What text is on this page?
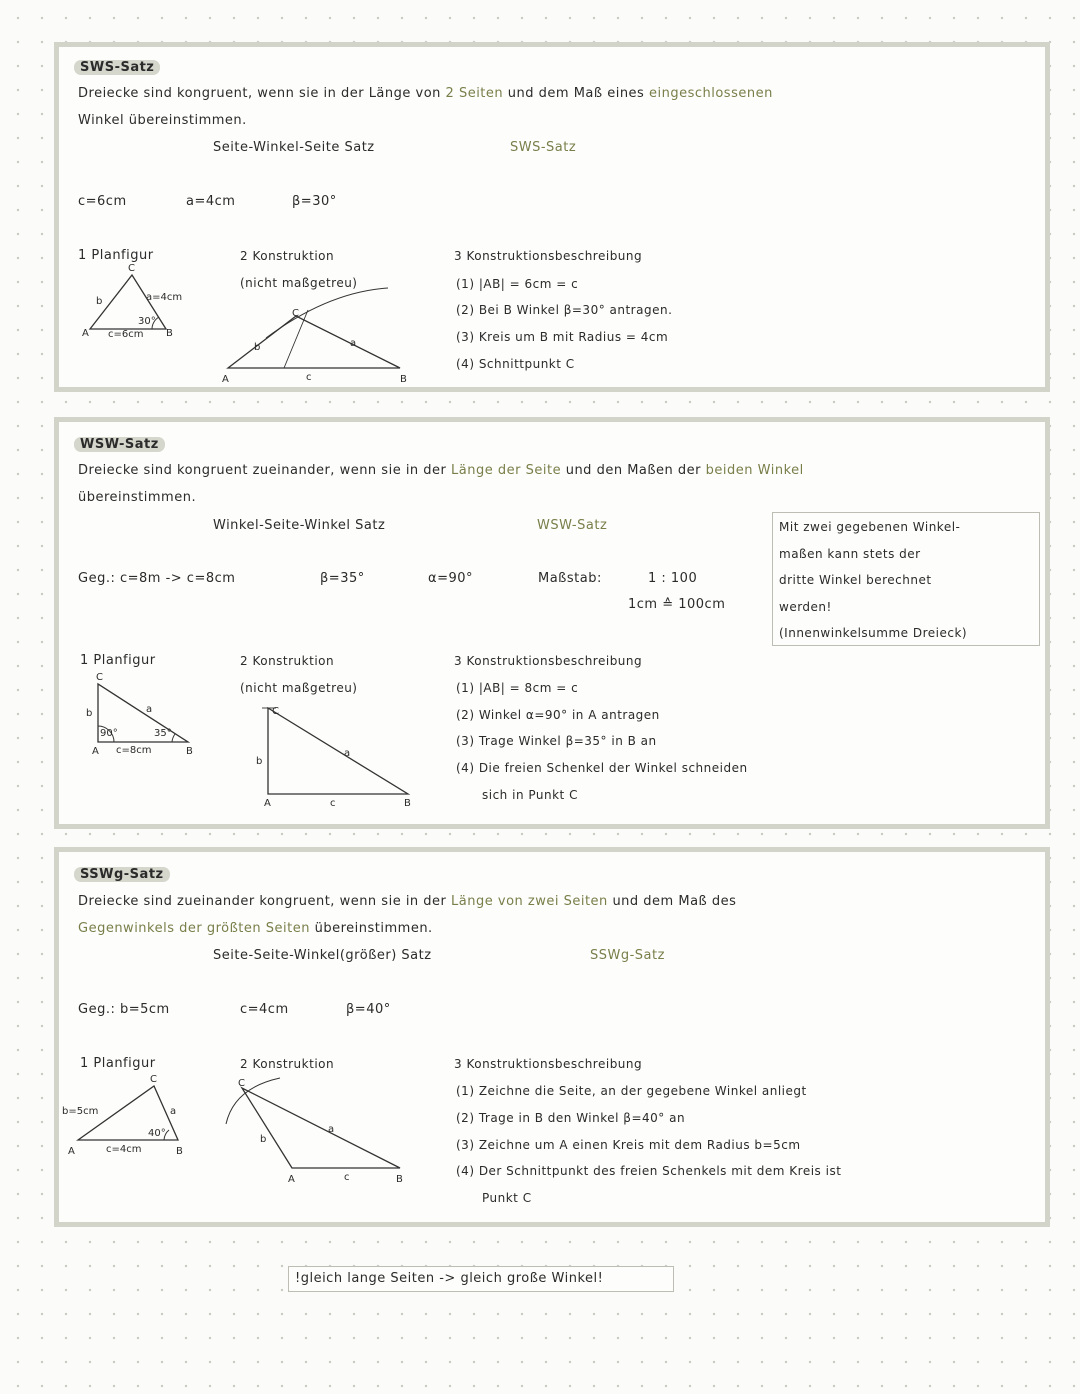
SWS-Satz
Dreiecke sind kongruent, wenn sie in der Länge von 2 Seiten und dem Maß eines eingeschlossenen
Winkel übereinstimmen.
Seite-Winkel-Seite Satz	SWS-Satz
c=6cm	a=4cm	β=30°
1 Planfigur	2 Konstruktion
(nicht maßgetreu)
3 Konstruktionsbeschreibung
(1) |AB| = 6cm = c
(2) Bei B Winkel β=30° antragen.
(3) Kreis um B mit Radius = 4cm
(4) Schnittpunkt C
A	B
C
a=4cm
b
c=6cm
30°
A	B
C
b	a
c
WSW-Satz
Dreiecke sind kongruent zueinander, wenn sie in der Länge der Seite und den Maßen der beiden Winkel
übereinstimmen.
Winkel-Seite-Winkel Satz	WSW-Satz
Geg.: c=8m -> c=8cm	β=35°	α=90°	Maßstab:	1 : 100
1cm ≙ 100cm
Mit zwei gegebenen Winkel-
maßen kann stets der
dritte Winkel berechnet
werden!
(Innenwinkelsumme Dreieck)
1 Planfigur	2 Konstruktion
(nicht maßgetreu)
3 Konstruktionsbeschreibung
(1) |AB| = 8cm = c
(2) Winkel α=90° in A antragen
(3) Trage Winkel β=35° in B an
(4) Die freien Schenkel der Winkel schneiden
sich in Punkt C
A	B
C
b	a
c=8cm
90°	35°
A	B
C
b
a
c
SSWg-Satz
Dreiecke sind zueinander kongruent, wenn sie in der Länge von zwei Seiten und dem Maß des
Gegenwinkels der größten Seiten übereinstimmen.
Seite-Seite-Winkel(größer) Satz	SSWg-Satz
Geg.: b=5cm	c=4cm	β=40°
1 Planfigur	2 Konstruktion	3 Konstruktionsbeschreibung
(1) Zeichne die Seite, an der gegebene Winkel anliegt
(2) Trage in B den Winkel β=40° an
(3) Zeichne um A einen Kreis mit dem Radius b=5cm
(4) Der Schnittpunkt des freien Schenkels mit dem Kreis ist
Punkt C
A	B
C
b=5cm	a
c=4cm
40°
A	B
C
b
a
c
!gleich lange Seiten -> gleich große Winkel!
